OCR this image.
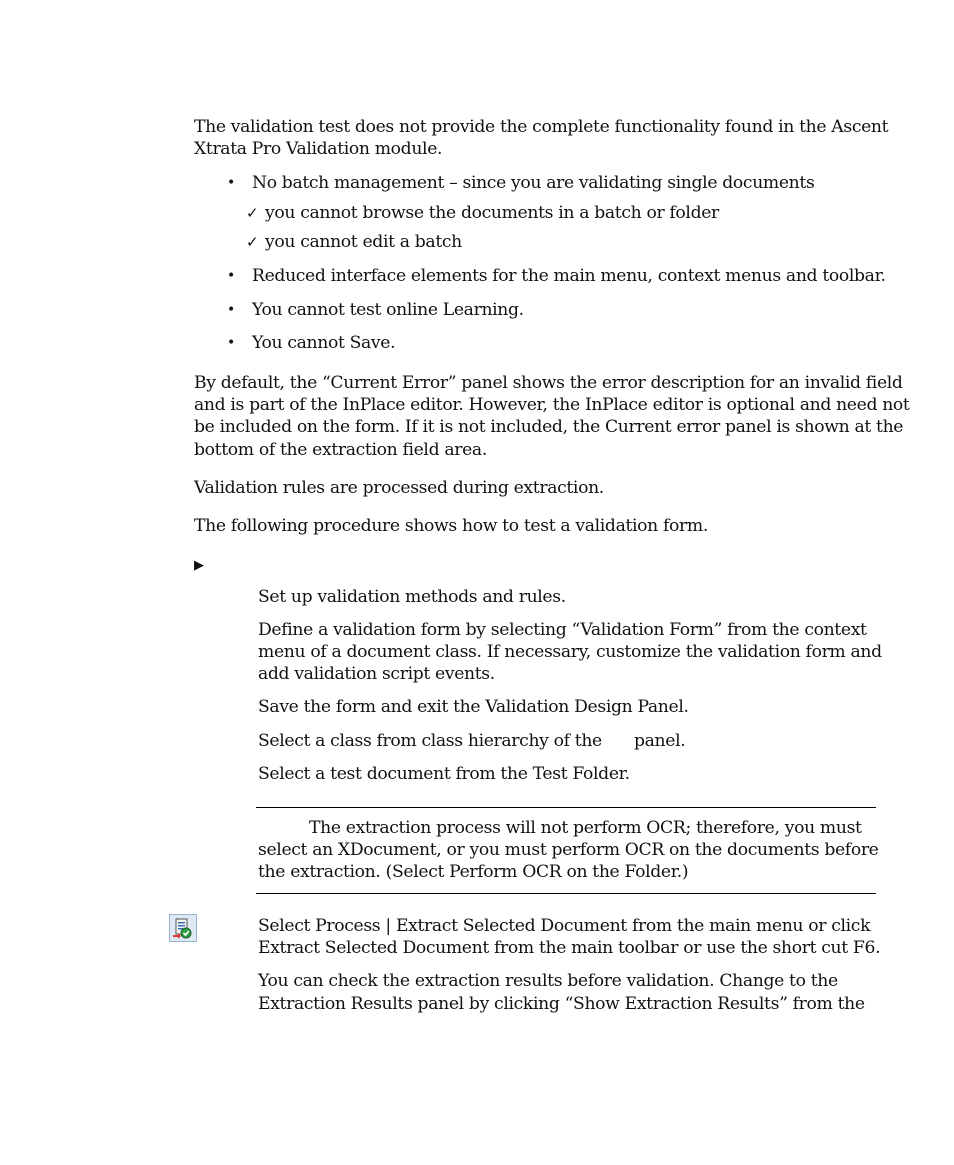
The validation test does not provide the complete functionality found in the Ascent

Xtrata Pro Validation module.

• No batch management – since you are validating single documents

✓ you cannot browse the documents in a batch or folder

✓ you cannot edit a batch

• Reduced interface elements for the main menu, context menus and toolbar.

• You cannot test online Learning.

• You cannot Save.

By default, the “Current Error” panel shows the error description for an invalid field

and is part of the InPlace editor. However, the InPlace editor is optional and need not

be included on the form. If it is not included, the Current error panel is shown at the

bottom of the extraction field area.

Validation rules are processed during extraction.

The following procedure shows how to test a validation form.

▶

Set up validation methods and rules.

Define a validation form by selecting “Validation Form” from the context

menu of a document class. If necessary, customize the validation form and

add validation script events.

Save the form and exit the Validation Design Panel.

Select a class from class hierarchy of the panel.

Select a test document from the Test Folder.

The extraction process will not perform OCR; therefore, you must

select an XDocument, or you must perform OCR on the documents before

the extraction. (Select Perform OCR on the Folder.)

Select Process | Extract Selected Document from the main menu or click

Extract Selected Document from the main toolbar or use the short cut F6.

You can check the extraction results before validation. Change to the

Extraction Results panel by clicking “Show Extraction Results” from the
